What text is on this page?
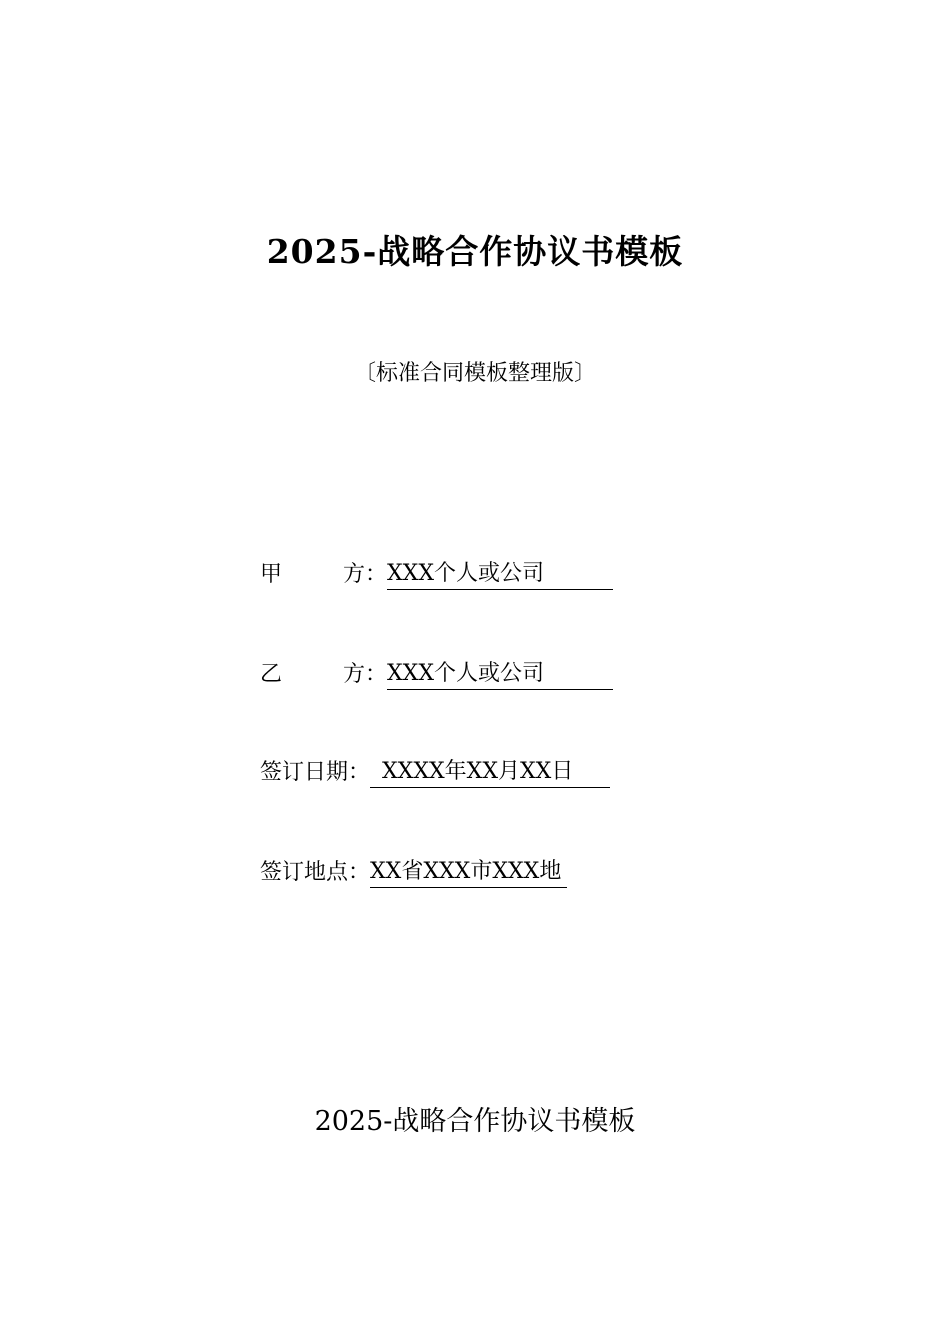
2025-战略合作协议书模板
〔标准合同模板整理版〕
甲	方： XXX个人或公司
乙	方： XXX个人或公司
签订日期： XXXX年XX月XX日
签订地点：XX省XXX市XXX地
2025-战略合作协议书模板
